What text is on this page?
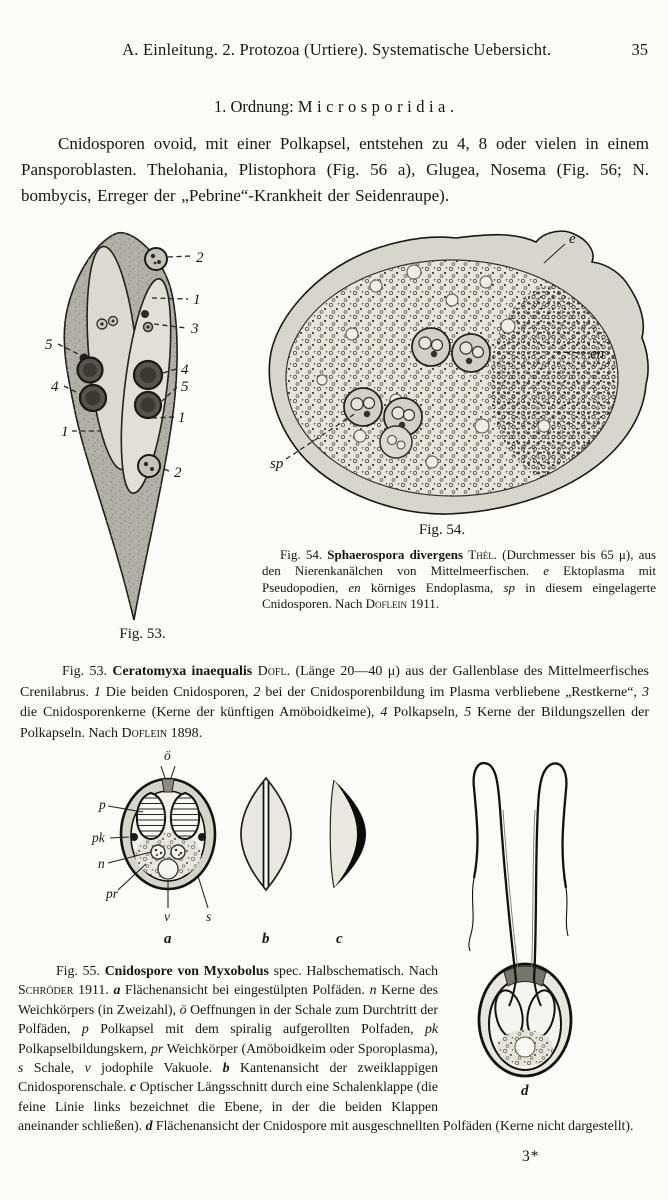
A. Einleitung. 2. Protozoa (Urtiere). Systematische Uebersicht.	35
1. Ordnung: Microsporidia.

Cnidosporen ovoid, mit einer Polkapsel, entstehen zu 4, 8 oder vielen in einem Pansporoblasten. Thelohania, Plistophora (Fig. 56 a), Glugea, Nosema (Fig. 56; N. bombycis, Erreger der „Pebrine“-Krankheit der Seidenraupe).

2
1
3
5
4
4	5
1
1
2
Fig. 53.
e
en
sp
Fig. 54.

Fig. 54. Sphaerospora divergens Thél. (Durchmesser bis 65 μ), aus den Nierenkanälchen von Mittelmeerfischen. e Ektoplasma mit Pseudopodien, en körniges Endoplasma, sp in diesem eingelagerte Cnidosporen. Nach Doflein 1911.

Fig. 53. Ceratomyxa inaequalis Dofl. (Länge 20—40 μ) aus der Gallenblase des Mittelmeerfisches Crenilabrus. 1 Die beiden Cnidosporen, 2 bei der Cnidosporenbildung im Plasma verbliebene „Restkerne“, 3 die Cnidosporenkerne (Kerne der künftigen Amöboidkeime), 4 Polkapseln, 5 Kerne der Bildungszellen der Polkapseln. Nach Doflein 1898.

d
ö
p
pk
n
pr
v	s
a	b	c

Fig. 55. Cnidospore von Myxobolus spec. Halbschematisch. Nach Schröder 1911. a Flächenansicht bei eingestülpten Polfäden. n Kerne des Weichkörpers (in Zweizahl), ö Oeffnungen in der Schale zum Durchtritt der Polfäden, p Polkapsel mit dem spiralig aufgerollten Polfaden, pk Polkapselbildungskern, pr Weichkörper (Amöboidkeim oder Sporoplasma), s Schale, v jodophile Vakuole. b Kantenansicht der zweiklappigen Cnidosporenschale. c Optischer Längsschnitt durch eine Schalenklappe (die feine Linie links bezeichnet die Ebene, in der die beiden Klappen aneinander schließen). d Flächenansicht der Cnidospore mit ausgeschnellten Polfäden (Kerne nicht dargestellt).

3*
